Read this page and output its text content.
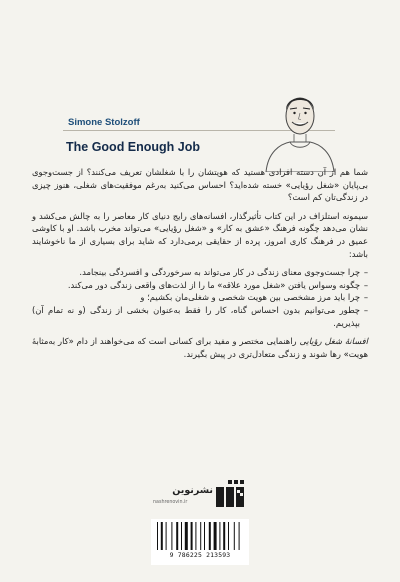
Simone Stolzoff
The Good Enough Job

شما هم از آن دسته افرادی هستید که هویتشان را با شغلشان تعریف می‌کنند؟ از جست‌وجوی بی‌پایان «شغل رؤیایی» خسته شده‌اید؟ احساس می‌کنید به‌رغم موفقیت‌های شغلی، هنوز چیزی در زندگی‌تان کم است؟

سیمونه استلزاف در این کتاب تأثیرگذار، افسانه‌های رایج دنیای کار معاصر را به چالش می‌کشد و نشان می‌دهد چگونه فرهنگ «عشق به کار» و «شغل رؤیایی» می‌تواند مخرب باشد. او با کاوشی عمیق در فرهنگ کاری امروز، پرده از حقایقی برمی‌دارد که شاید برای بسیاری از ما ناخوشایند باشد:

– چرا جست‌وجوی معنای زندگی در کار می‌تواند به سرخوردگی و افسردگی بینجامد.
– چگونه وسواس یافتن «شغل مورد علاقه» ما را از لذت‌های واقعی زندگی دور می‌کند.
– چرا باید مرز مشخصی بین هویت شخصی و شغلی‌مان بکشیم؛ و
– چطور می‌توانیم بدون احساس گناه، کار را فقط به‌عنوان بخشی از زندگی (و نه تمام آن) بپذیریم.

افسانهٔ شغل رؤیایی راهنمایی مختصر و مفید برای کسانی است که می‌خواهند از دام «کار به‌مثابهٔ هویت» رها شوند و زندگی متعادل‌تری در پیش بگیرند.

نشرنوین
nashrenovin.ir
9 786225 213593
